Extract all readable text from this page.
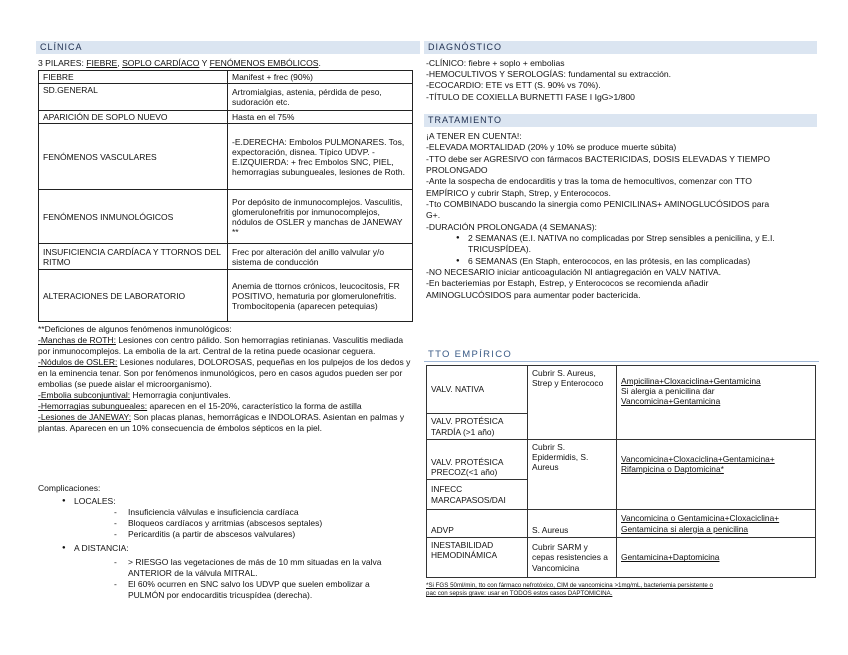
CLÍNICA
3 PILARES: FIEBRE, SOPLO CARDÍACO Y FENÓMENOS EMBÓLICOS.
FIEBRE	Manifest + frec (90%)
SD.GENERAL	Artromialgias, astenia, pérdida de peso, sudoración etc.
APARICIÓN DE SOPLO NUEVO	Hasta en el 75%
FENÓMENOS VASCULARES	-E.DERECHA: Embolos PULMONARES. Tos, expectoración, disnea. Típico UDVP. -E.IZQUIERDA: + frec Embolos SNC, PIEL, hemorragias subungueales, lesiones de Roth.
FENÓMENOS INMUNOLÓGICOS	Por depósito de inmunocomplejos. Vasculitis, glomerulonefritis por inmunocomplejos, nódulos de OSLER y manchas de JANEWAY **
INSUFICIENCIA CARDÍACA Y TTORNOS DEL RITMO	Frec por alteración del anillo valvular y/o sistema de conducción
ALTERACIONES DE LABORATORIO	Anemia de ttornos crónicos, leucocitosis, FR POSITIVO, hematuria por glomerulonefritis. Trombocitopenia (aparecen petequias)
**Deficiones de algunos fenómenos inmunológicos:
-Manchas de ROTH: Lesiones con centro pálido. Son hemorragias retinianas. Vasculitis mediada por inmunocomplejos. La embolia de la art. Central de la retina puede ocasionar ceguera.
-Nódulos de OSLER: Lesiones nodulares, DOLOROSAS, pequeñas en los pulpejos de los dedos y en la eminencia tenar. Son por fenómenos inmunológicos, pero en casos agudos pueden ser por embolias (se puede aislar el microorganismo).
-Embolia subconjuntival: Hemorragia conjuntivales.
-Hemorragias subungueales: aparecen en el 15-20%, característico la forma de astilla
-Lesiones de JANEWAY: Son placas planas, hemorrágicas e INDOLORAS. Asientan en palmas y plantas. Aparecen en un 10% consecuencia de émbolos sépticos en la piel.
Complicaciones:
● LOCALES:
- Insuficiencia válvulas e insuficiencia cardíaca
- Bloqueos cardíacos y arritmias (abscesos septales)
- Pericarditis (a partir de abscesos valvulares)
● A DISTANCIA:
- > RIESGO las vegetaciones de más de 10 mm situadas en la valva
ANTERIOR de la válvula MITRAL.
- El 60% ocurren en SNC salvo los UDVP que suelen embolizar a
PULMÓN por endocarditis tricuspídea (derecha).
DIAGNÓSTICO
-CLÍNICO: fiebre + soplo + embolias
-HEMOCULTIVOS Y SEROLOGÍAS: fundamental su extracción.
-ECOCARDIO: ETE vs ETT (S. 90% vs 70%).
-TÍTULO DE COXIELLA BURNETTI FASE I IgG>1/800
TRATAMIENTO
¡A TENER EN CUENTA!:
-ELEVADA MORTALIDAD (20% y 10% se produce muerte súbita)
-TTO debe ser AGRESIVO con fármacos BACTERICIDAS, DOSIS ELEVADAS Y TIEMPO
PROLONGADO
-Ante la sospecha de endocarditis y tras la toma de hemocultivos, comenzar con TTO
EMPÍRICO y cubrir Staph, Strep, y Enterococos.
-Tto COMBINADO buscando la sinergia como PENICILINAS+ AMINOGLUCÓSIDOS para
G+.
-DURACIÓN PROLONGADA (4 SEMANAS):
● 2 SEMANAS (E.I. NATIVA no complicadas por Strep sensibles a penicilina, y E.I.
TRICUSPÍDEA).
● 6 SEMANAS (En Staph, enterococos, en las prótesis, en las complicadas)
-NO NECESARIO iniciar anticoagulación NI antiagregación en VALV NATIVA.
-En bacteriemias por Estaph, Estrep, y Enterococos se recomienda añadir
AMINOGLUCÓSIDOS para aumentar poder bactericida.
TTO EMPÍRICO
VALV. NATIVA	Cubrir S. Aureus, Strep y Enterococo	Ampicilina+Cloxaciclina+Gentamicina
Si alergia a penicilina dar
Vancomicina+Gentamicina

VALV. PROTÉSICA TARDÍA (>1 año)		
VALV. PROTÉSICA PRECOZ(<1 año)	Cubrir S. Epidermidis, S. Aureus	Vancomicina+Cloxaciclina+Gentamicina+
Rifampicina o Daptomicina*

INFECC MARCAPASOS/DAI		
ADVP	S. Aureus	Vancomicina o Gentamicina+Cloxaciclina+
Gentamicina si alergia a penicilina

INESTABILIDAD HEMODINÁMICA	Cubrir SARM y cepas resistencies a Vancomicina	Gentamicina+Daptomicina
*Si FGS 50ml/min, tto con fármaco nefrotóxico, CIM de vancomicina >1mg/mL, bacteriemia persistente o
pac con sepsis grave: usar en TODOS estos casos DAPTOMICINA.
